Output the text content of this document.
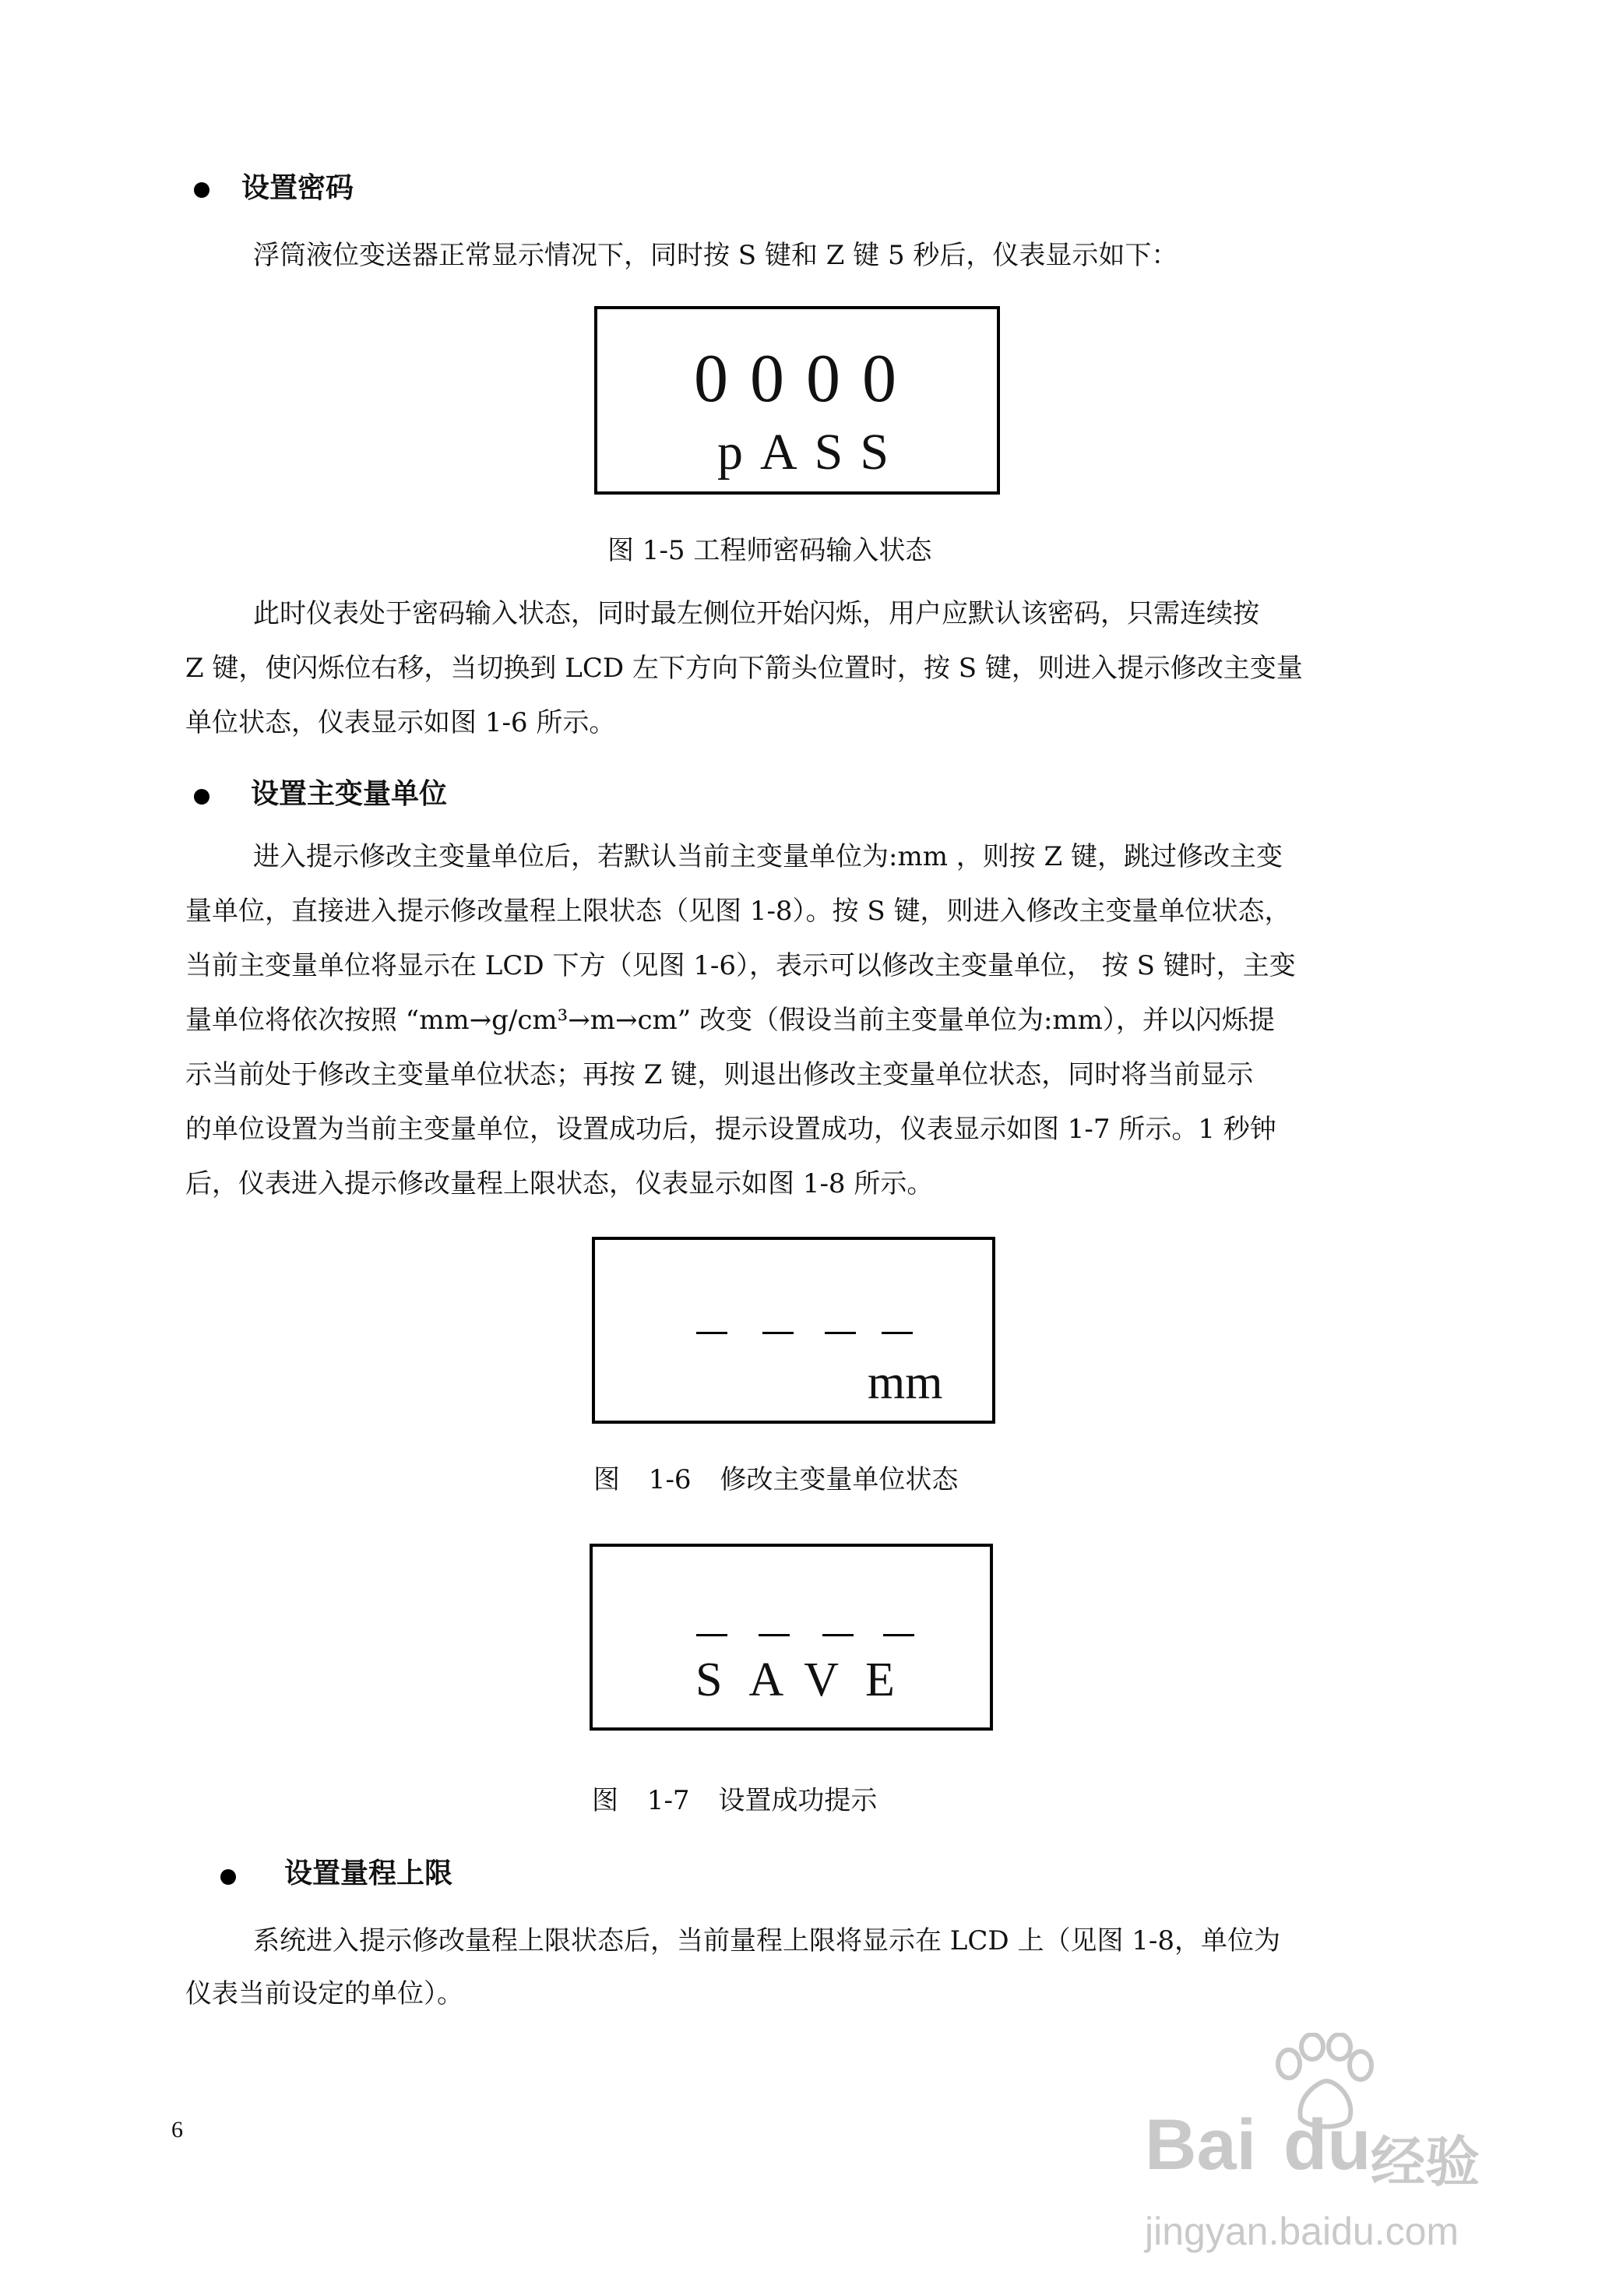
设置密码
浮筒液位变送器正常显示情况下，同时按 S 键和 Z 键 5 秒后，仪表显示如下：
0000
pASS
图 1-5 工程师密码输入状态
此时仪表处于密码输入状态，同时最左侧位开始闪烁，用户应默认该密码，只需连续按
Z 键，使闪烁位右移，当切换到 LCD 左下方向下箭头位置时，按 S 键，则进入提示修改主变量
单位状态，仪表显示如图 1-6 所示。
设置主变量单位
进入提示修改主变量单位后，若默认当前主变量单位为:mm ，则按 Z 键，跳过修改主变
量单位，直接进入提示修改量程上限状态（见图 1-8）。按 S 键，则进入修改主变量单位状态，
当前主变量单位将显示在 LCD 下方（见图 1-6），表示可以修改主变量单位， 按 S 键时，主变
量单位将依次按照 “mm→g/cm³→m→cm” 改变（假设当前主变量单位为:mm），并以闪烁提
示当前处于修改主变量单位状态；再按 Z 键，则退出修改主变量单位状态，同时将当前显示
的单位设置为当前主变量单位，设置成功后，提示设置成功，仪表显示如图 1-7 所示。1 秒钟
后，仪表进入提示修改量程上限状态，仪表显示如图 1-8 所示。
mm
图 1-6 修改主变量单位状态
SAVE
图 1-7 设置成功提示
设置量程上限
系统进入提示修改量程上限状态后，当前量程上限将显示在 LCD 上（见图 1-8，单位为
仪表当前设定的单位）。
6	Bai du 经验
jingyan.baidu.com
